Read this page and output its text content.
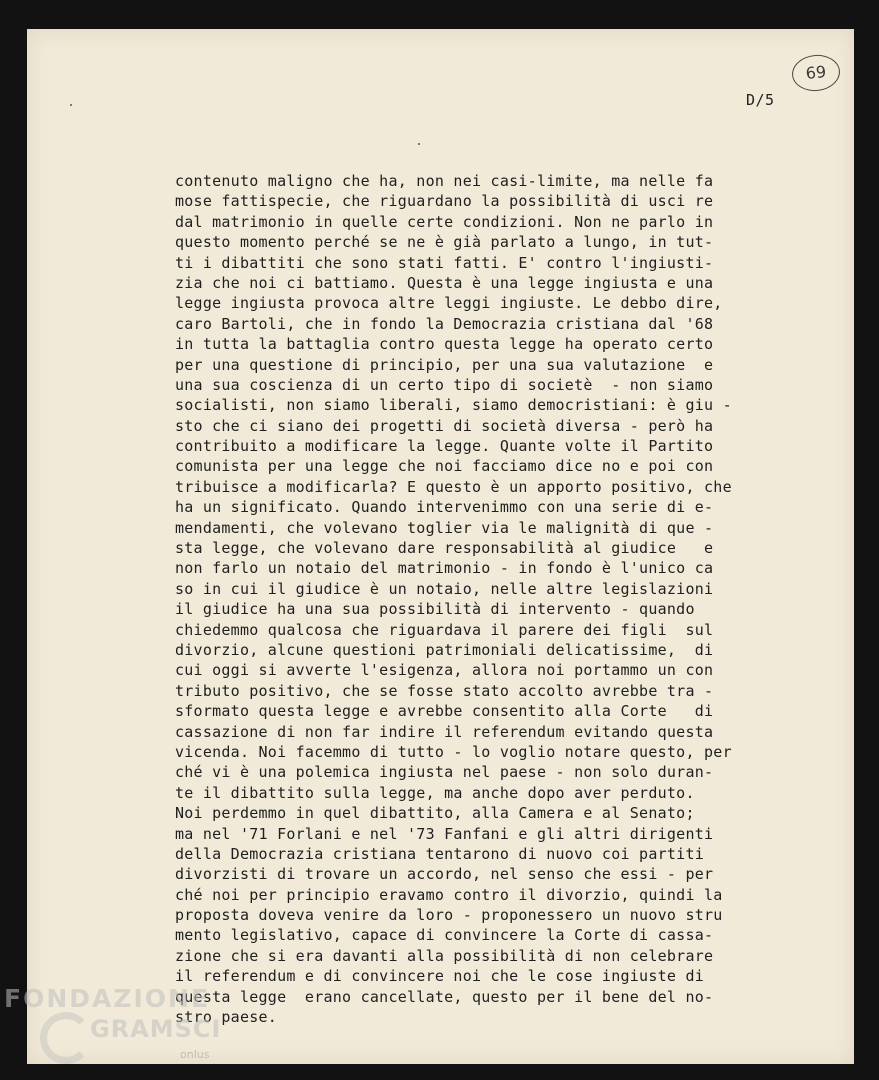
69
D/5
contenuto maligno che ha, non nei casi-limite, ma nelle fa
mose fattispecie, che riguardano la possibilità di usci re
dal matrimonio in quelle certe condizioni. Non ne parlo in
questo momento perché se ne è già parlato a lungo, in tut-
ti i dibattiti che sono stati fatti. E' contro l'ingiusti-
zia che noi ci battiamo. Questa è una legge ingiusta e una
legge ingiusta provoca altre leggi ingiuste. Le debbo dire,
caro Bartoli, che in fondo la Democrazia cristiana dal '68
in tutta la battaglia contro questa legge ha operato certo
per una questione di principio, per una sua valutazione  e
una sua coscienza di un certo tipo di societè  - non siamo
socialisti, non siamo liberali, siamo democristiani: è giu -
sto che ci siano dei progetti di società diversa - però ha
contribuito a modificare la legge. Quante volte il Partito
comunista per una legge che noi facciamo dice no e poi con
tribuisce a modificarla? E questo è un apporto positivo, che
ha un significato. Quando intervenimmo con una serie di e-
mendamenti, che volevano toglier via le malignità di que -
sta legge, che volevano dare responsabilità al giudice   e
non farlo un notaio del matrimonio - in fondo è l'unico ca
so in cui il giudice è un notaio, nelle altre legislazioni
il giudice ha una sua possibilità di intervento - quando
chiedemmo qualcosa che riguardava il parere dei figli  sul
divorzio, alcune questioni patrimoniali delicatissime,  di
cui oggi si avverte l'esigenza, allora noi portammo un con
tributo positivo, che se fosse stato accolto avrebbe tra -
sformato questa legge e avrebbe consentito alla Corte   di
cassazione di non far indire il referendum evitando questa
vicenda. Noi facemmo di tutto - lo voglio notare questo, per
ché vi è una polemica ingiusta nel paese - non solo duran-
te il dibattito sulla legge, ma anche dopo aver perduto.
Noi perdemmo in quel dibattito, alla Camera e al Senato;
ma nel '71 Forlani e nel '73 Fanfani e gli altri dirigenti
della Democrazia cristiana tentarono di nuovo coi partiti
divorzisti di trovare un accordo, nel senso che essi - per
ché noi per principio eravamo contro il divorzio, quindi la
proposta doveva venire da loro - proponessero un nuovo stru
mento legislativo, capace di convincere la Corte di cassa-
zione che si era davanti alla possibilità di non celebrare
il referendum e di convincere noi che le cose ingiuste di
questa legge  erano cancellate, questo per il bene del no-
stro paese.
FONDAZIONE
GRAMSCI
onlus
